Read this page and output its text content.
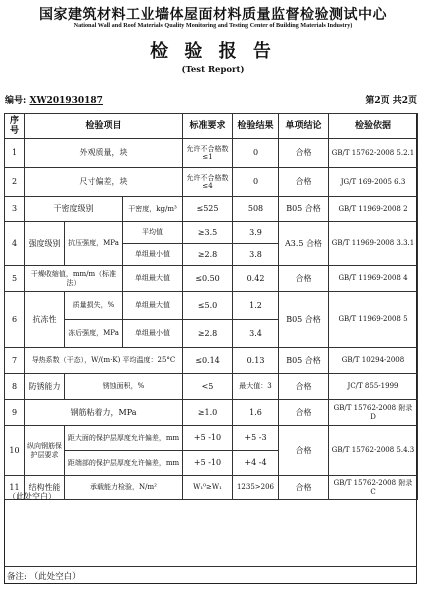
国家建筑材料工业墙体屋面材料质量监督检验测试中心
National Wall and Roof Materials Quality Monitoring and Testing Center of Building Materials Industry)
检 验 报 告
(Test Report)
编号: XW201930187	第2页 共2页
序号	检验项目			标准要求	检验结果	单项结论	检验依据
1	外观质量，块			允许不合格数≤1	0	合格	GB/T 15762-2008 5.2.1
2	尺寸偏差，块			允许不合格数≤4	0	合格	JG/T 169-2005 6.3
3	干密度级别		干密度，kg/m³	≤525	508	B05 合格	GB/T 11969-2008 2
4	强度级别	抗压强度，MPa	平均值	≥3.5	3.9	A3.5 合格	GB/T 11969-2008 3.3.1
			单组最小值	≥2.8	3.8		
5	干燥收缩值，mm/m（标准法）		单组最大值	≤0.50	0.42	合格	GB/T 11969-2008 4
6	抗冻性	质量损失，%	单组最大值	≤5.0	1.2	B05 合格	GB/T 11969-2008 5
		冻后强度，MPa	单组最小值	≥2.8	3.4		
7	导热系数（干态），W/(m·K) 平均温度：25°C			≤0.14	0.13	B05 合格	GB/T 10294-2008
8	防锈能力	锈蚀面积，%		<5	最大值：3	合格	JC/T 855-1999
9	钢筋粘着力，MPa			≥1.0	1.6	合格	GB/T 15762-2008 附录 D
10	纵向钢筋保护层要求	距大面的保护层厚度允许偏差，mm		+5 -10	+5 -3	合格	GB/T 15762-2008 5.4.3
		距端部的保护层厚度允许偏差，mm		+5 -10	+4 -4		
11	结构性能	承载能力检验，N/m²		W₁⁰≥W₁	1235>206	合格	GB/T 15762-2008 附录 C
（此处空白）
备注: （此处空白）
